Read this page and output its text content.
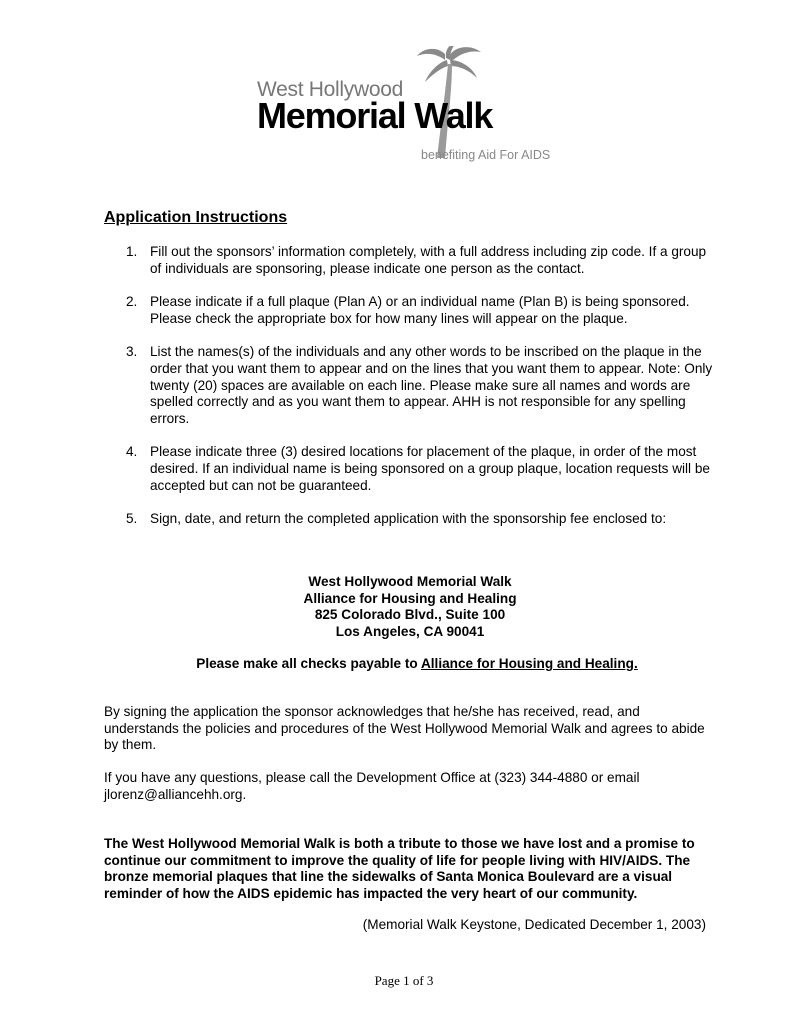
West Hollywood
Memorial Walk
benefiting Aid For AIDS
Application Instructions
1. Fill out the sponsors’ information completely, with a full address including zip code. If a group of individuals are sponsoring, please indicate one person as the contact.
2. Please indicate if a full plaque (Plan A) or an individual name (Plan B) is being sponsored. Please check the appropriate box for how many lines will appear on the plaque.
3. List the names(s) of the individuals and any other words to be inscribed on the plaque in the order that you want them to appear and on the lines that you want them to appear. Note: Only twenty (20) spaces are available on each line. Please make sure all names and words are spelled correctly and as you want them to appear. AHH is not responsible for any spelling errors.
4. Please indicate three (3) desired locations for placement of the plaque, in order of the most desired. If an individual name is being sponsored on a group plaque, location requests will be accepted but can not be guaranteed.
5. Sign, date, and return the completed application with the sponsorship fee enclosed to:
West Hollywood Memorial Walk
Alliance for Housing and Healing
825 Colorado Blvd., Suite 100
Los Angeles, CA 90041
Please make all checks payable to Alliance for Housing and Healing.
By signing the application the sponsor acknowledges that he/she has received, read, and understands the policies and procedures of the West Hollywood Memorial Walk and agrees to abide by them.
If you have any questions, please call the Development Office at (323) 344-4880 or email jlorenz@alliancehh.org.
The West Hollywood Memorial Walk is both a tribute to those we have lost and a promise to continue our commitment to improve the quality of life for people living with HIV/AIDS. The bronze memorial plaques that line the sidewalks of Santa Monica Boulevard are a visual reminder of how the AIDS epidemic has impacted the very heart of our community.
(Memorial Walk Keystone, Dedicated December 1, 2003)
Page 1 of 3
